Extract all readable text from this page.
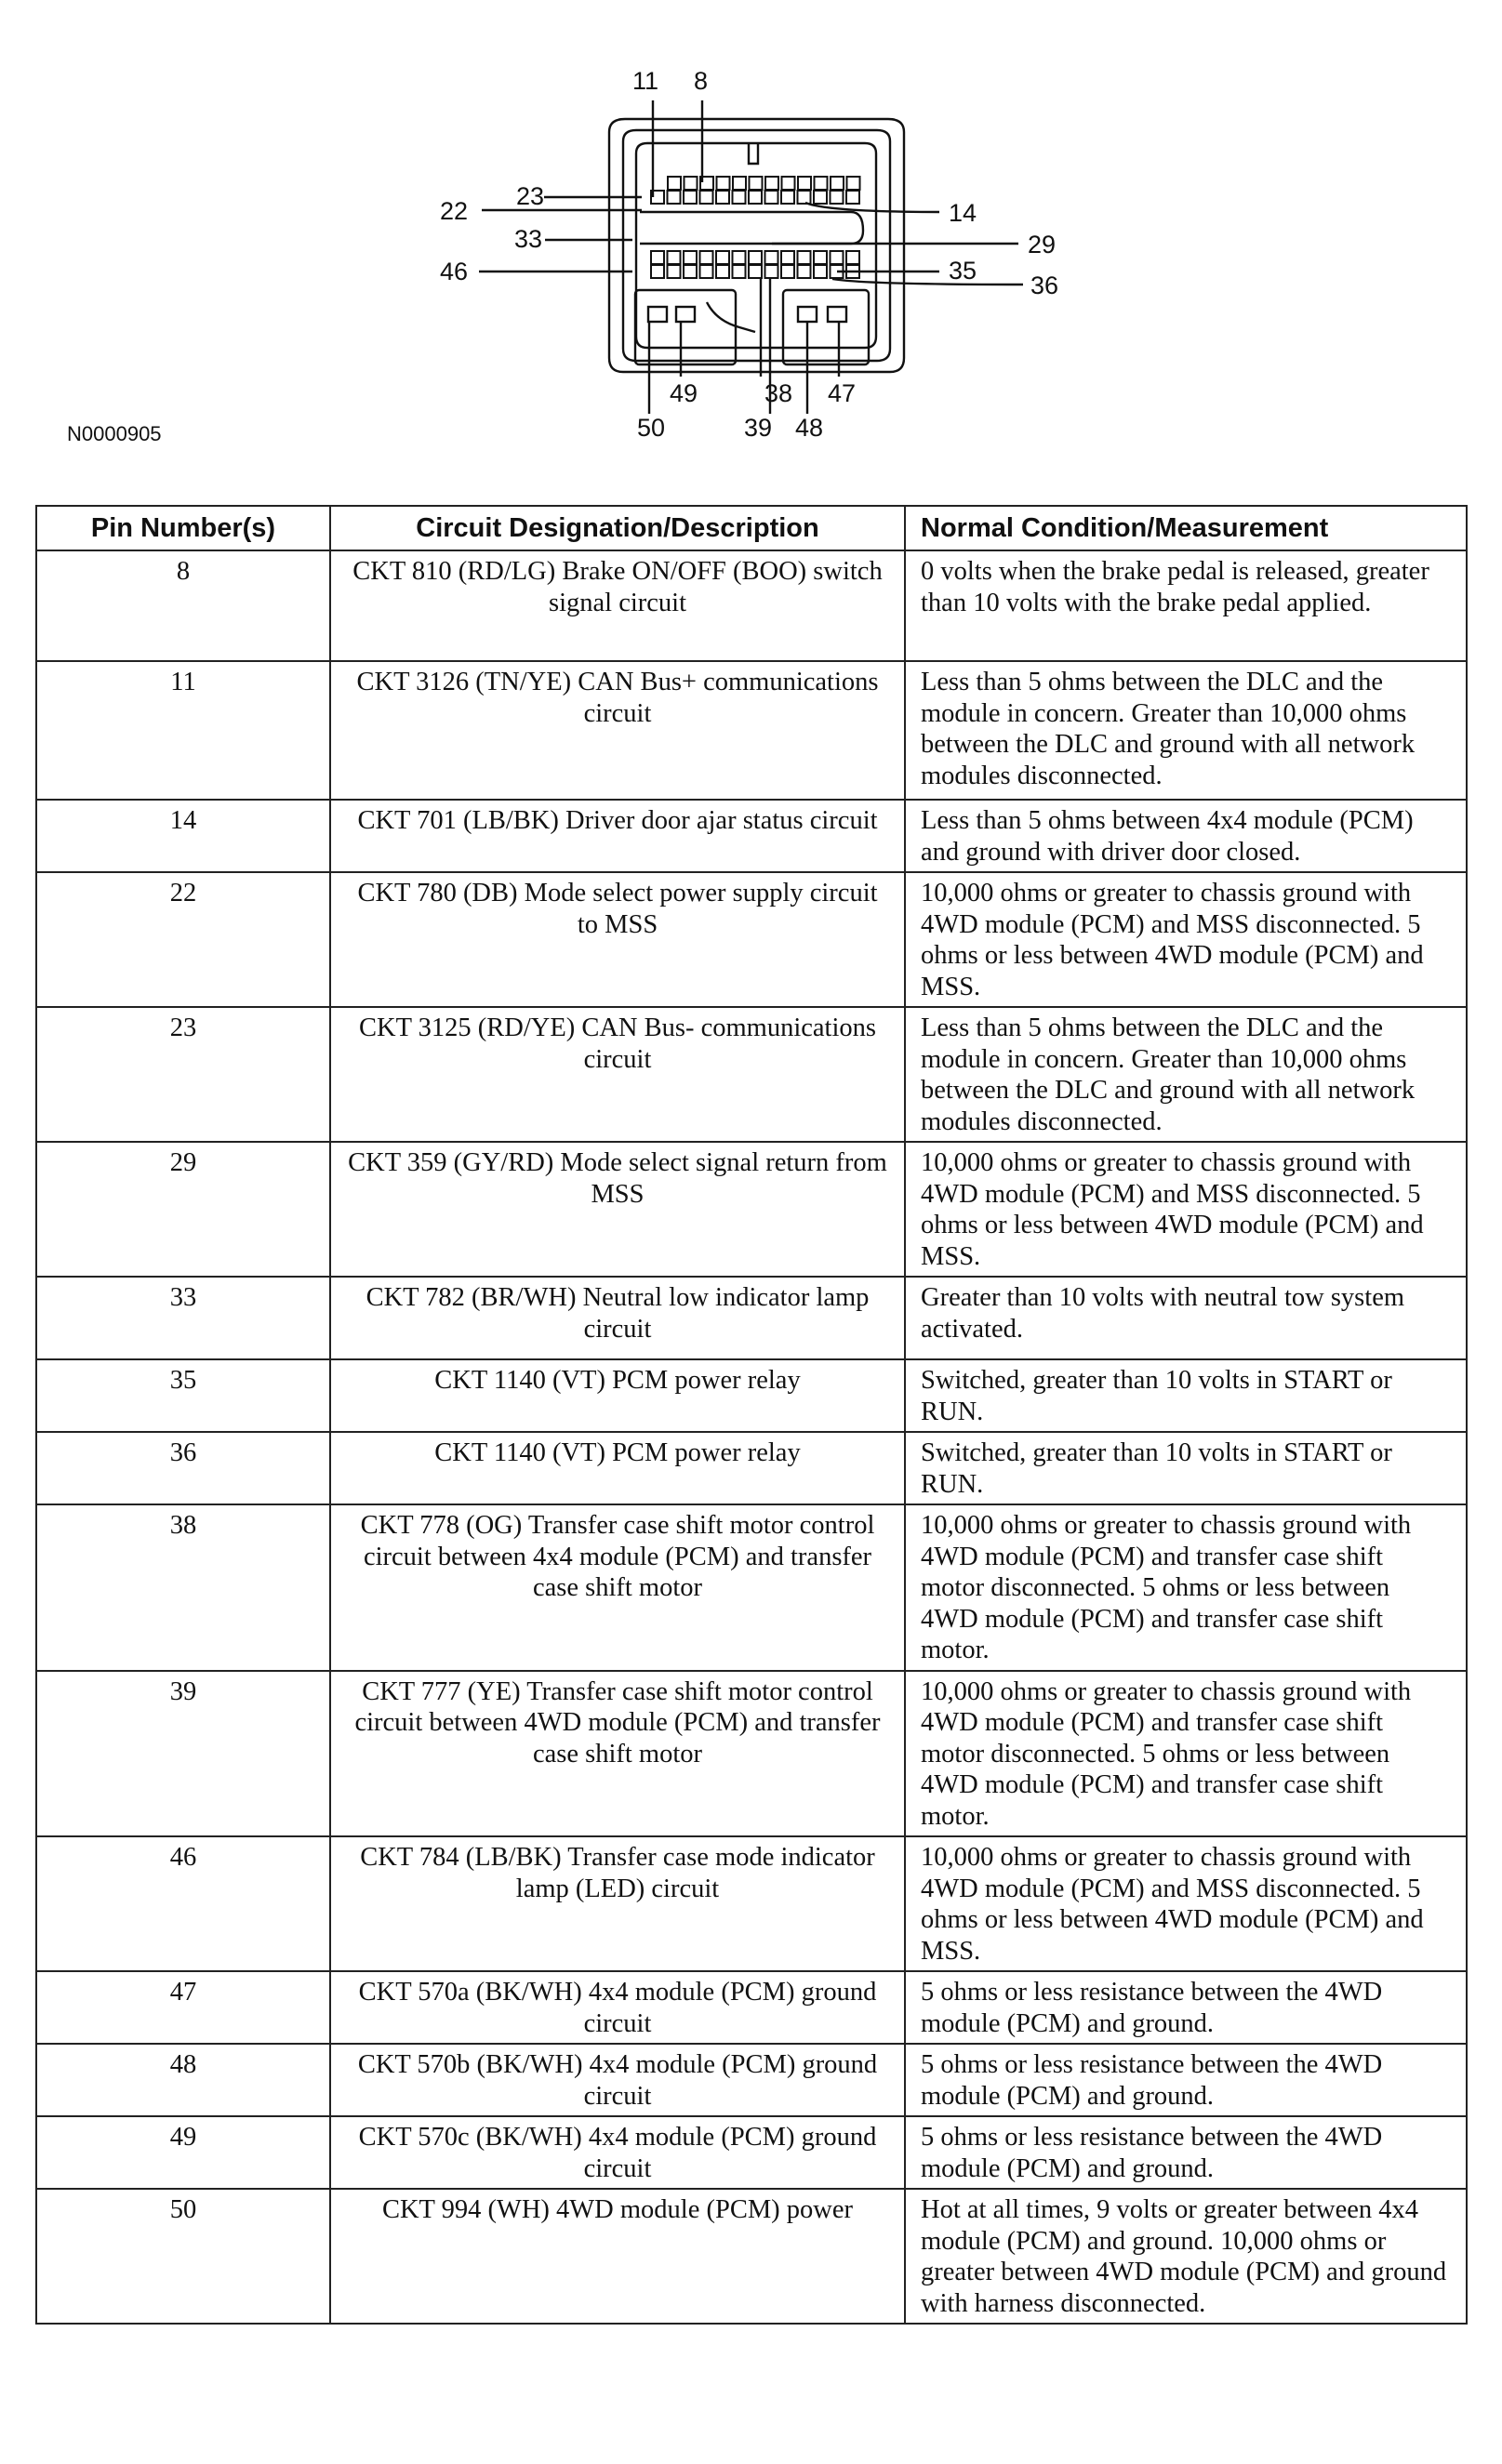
11 8
23
22	14
33	29
46	35
36
49	47
38
50	39 48
N0000905
Pin Number(s)	Circuit Designation/Description	Normal Condition/Measurement
8	CKT 810 (RD/LG) Brake ON/OFF (BOO) switch signal circuit	0 volts when the brake pedal is released, greater than 10 volts with the brake pedal applied.
11	CKT 3126 (TN/YE) CAN Bus+ communications circuit	Less than 5 ohms between the DLC and the module in concern. Greater than 10,000 ohms between the DLC and ground with all network modules disconnected.
14	CKT 701 (LB/BK) Driver door ajar status circuit	Less than 5 ohms between 4x4 module (PCM) and ground with driver door closed.
22	CKT 780 (DB) Mode select power supply circuit to MSS	10,000 ohms or greater to chassis ground with 4WD module (PCM) and MSS disconnected. 5 ohms or less between 4WD module (PCM) and MSS.
23	CKT 3125 (RD/YE) CAN Bus- communications circuit	Less than 5 ohms between the DLC and the module in concern. Greater than 10,000 ohms between the DLC and ground with all network modules disconnected.
29	CKT 359 (GY/RD) Mode select signal return from MSS	10,000 ohms or greater to chassis ground with 4WD module (PCM) and MSS disconnected. 5 ohms or less between 4WD module (PCM) and MSS.
33	CKT 782 (BR/WH) Neutral low indicator lamp circuit	Greater than 10 volts with neutral tow system activated.
35	CKT 1140 (VT) PCM power relay	Switched, greater than 10 volts in START or RUN.
36	CKT 1140 (VT) PCM power relay	Switched, greater than 10 volts in START or RUN.
38	CKT 778 (OG) Transfer case shift motor control circuit between 4x4 module (PCM) and transfer case shift motor	10,000 ohms or greater to chassis ground with 4WD module (PCM) and transfer case shift motor disconnected. 5 ohms or less between 4WD module (PCM) and transfer case shift motor.
39	CKT 777 (YE) Transfer case shift motor control circuit between 4WD module (PCM) and transfer case shift motor	10,000 ohms or greater to chassis ground with 4WD module (PCM) and transfer case shift motor disconnected. 5 ohms or less between 4WD module (PCM) and transfer case shift motor.
46	CKT 784 (LB/BK) Transfer case mode indicator lamp (LED) circuit	10,000 ohms or greater to chassis ground with 4WD module (PCM) and MSS disconnected. 5 ohms or less between 4WD module (PCM) and MSS.
47	CKT 570a (BK/WH) 4x4 module (PCM) ground circuit	5 ohms or less resistance between the 4WD module (PCM) and ground.
48	CKT 570b (BK/WH) 4x4 module (PCM) ground circuit	5 ohms or less resistance between the 4WD module (PCM) and ground.
49	CKT 570c (BK/WH) 4x4 module (PCM) ground circuit	5 ohms or less resistance between the 4WD module (PCM) and ground.
50	CKT 994 (WH) 4WD module (PCM) power	Hot at all times, 9 volts or greater between 4x4 module (PCM) and ground. 10,000 ohms or greater between 4WD module (PCM) and ground with harness disconnected.
